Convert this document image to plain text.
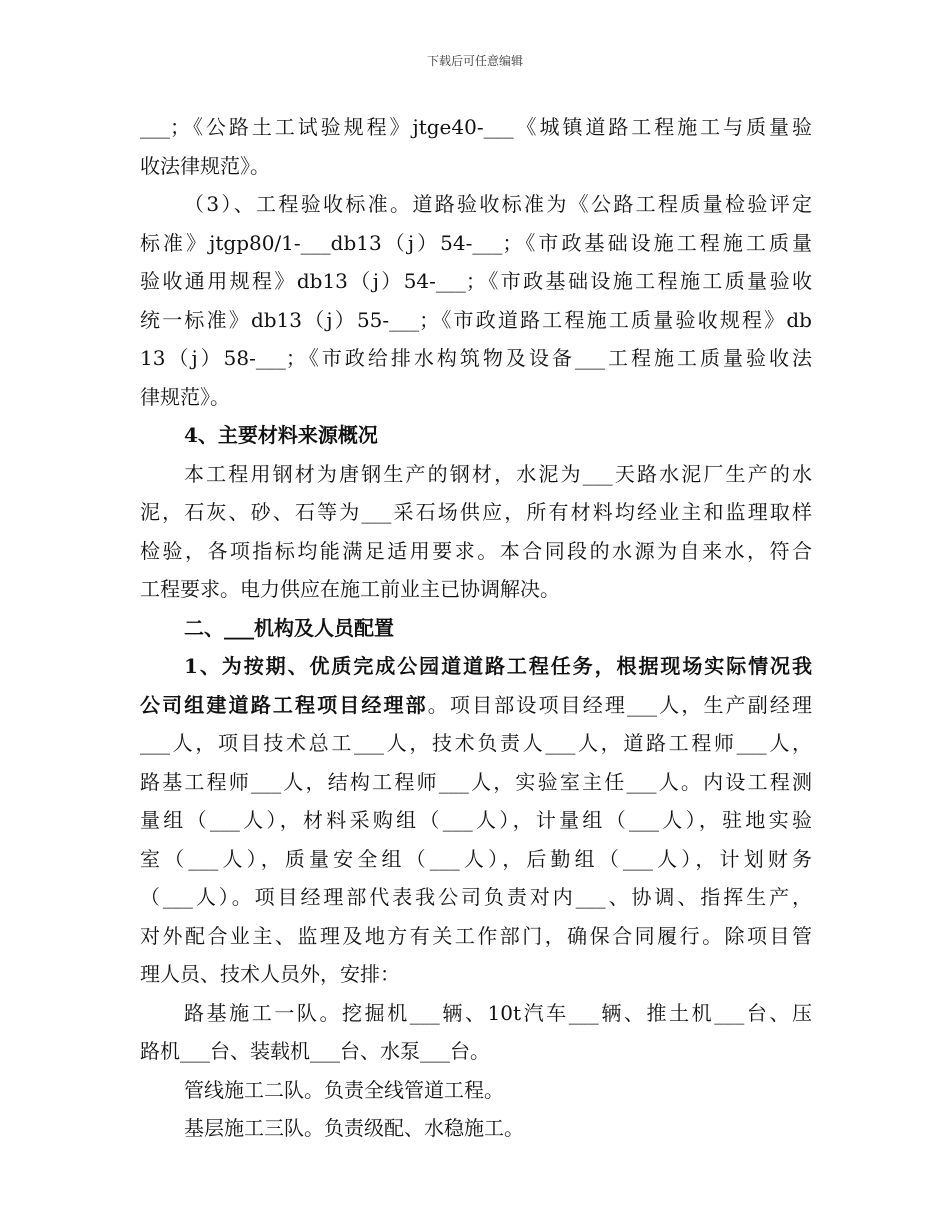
下载后可任意编辑
___；《公路土工试验规程》jtge40-___《城镇道路工程施工与质量验
收法律规范》。
（3）、工程验收标准。道路验收标准为《公路工程质量检验评定
标准》jtgp80/1-___db13（j）54-___；《市政基础设施工程施工质量
验收通用规程》db13（j）54-___；《市政基础设施工程施工质量验收
统一标准》db13（j）55-___；《市政道路工程施工质量验收规程》db
13（j）58-___；《市政给排水构筑物及设备___工程施工质量验收法
律规范》。
4、主要材料来源概况
本工程用钢材为唐钢生产的钢材，水泥为___天路水泥厂生产的水
泥，石灰、砂、石等为___采石场供应，所有材料均经业主和监理取样
检验，各项指标均能满足适用要求。本合同段的水源为自来水，符合
工程要求。电力供应在施工前业主已协调解决。
二、___机构及人员配置
1、为按期、优质完成公园道道路工程任务，根据现场实际情况我
公司组建道路工程项目经理部。项目部设项目经理___人，生产副经理
___人，项目技术总工___人，技术负责人___人，道路工程师___人，
路基工程师___人，结构工程师___人，实验室主任___人。内设工程测
量组（___人），材料采购组（___人），计量组（___人），驻地实验
室（___人），质量安全组（___人），后勤组（___人），计划财务
（___人）。项目经理部代表我公司负责对内___、协调、指挥生产，
对外配合业主、监理及地方有关工作部门，确保合同履行。除项目管
理人员、技术人员外，安排：
路基施工一队。挖掘机___辆、10t汽车___辆、推土机___台、压
路机___台、装载机___台、水泵___台。
管线施工二队。负责全线管道工程。
基层施工三队。负责级配、水稳施工。
